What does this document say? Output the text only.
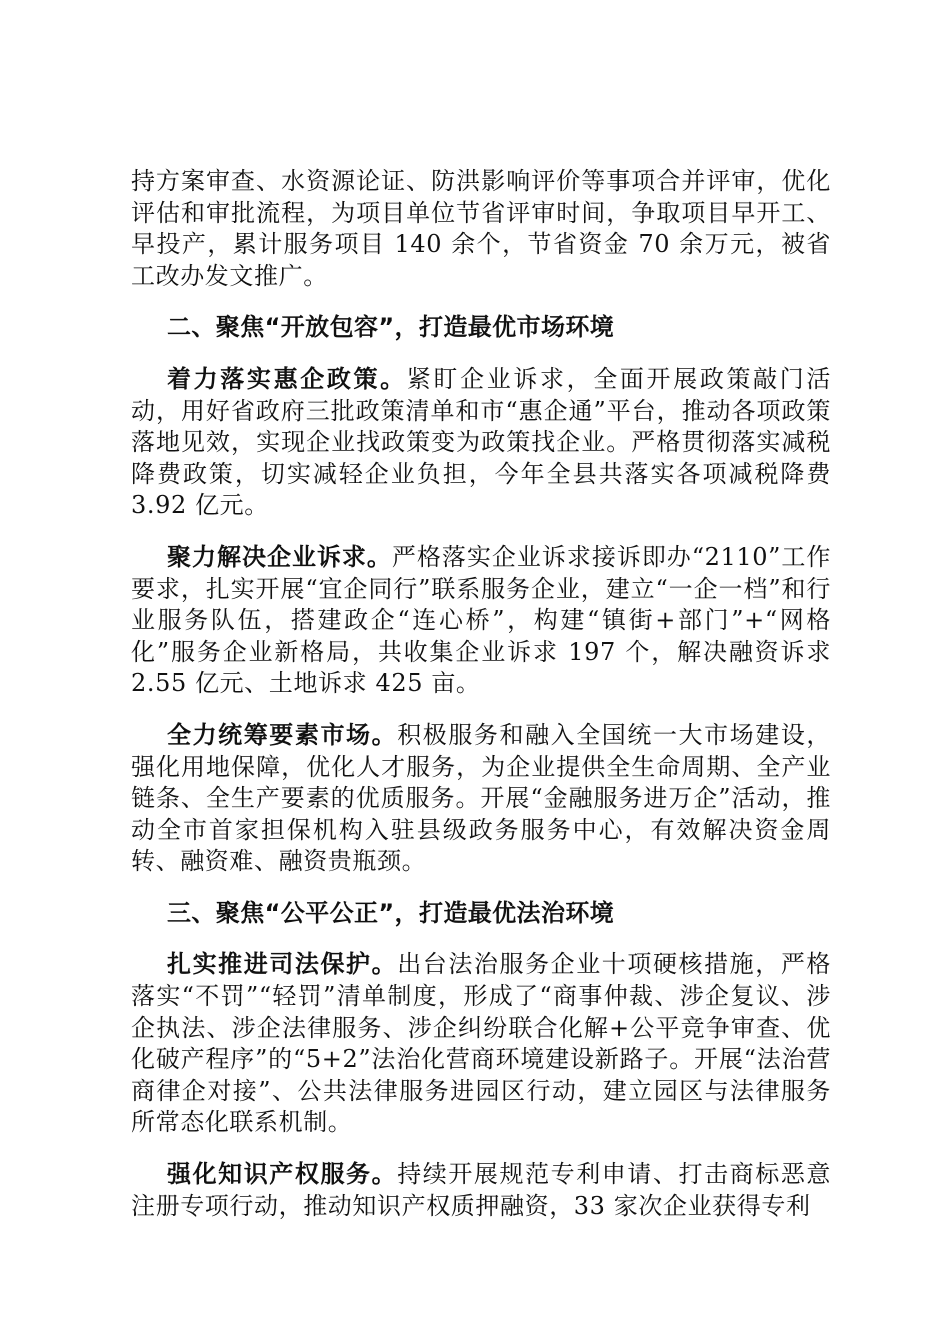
持方案审查、水资源论证、防洪影响评价等事项合并评审，优化评估和审批流程，为项目单位节省评审时间，争取项目早开工、早投产，累计服务项目 140 余个，节省资金 70 余万元，被省工改办发文推广。

二、聚焦“开放包容”，打造最优市场环境

着力落实惠企政策。紧盯企业诉求，全面开展政策敲门活动，用好省政府三批政策清单和市“惠企通”平台，推动各项政策落地见效，实现企业找政策变为政策找企业。严格贯彻落实减税降费政策，切实减轻企业负担，今年全县共落实各项减税降费 3.92 亿元。

聚力解决企业诉求。严格落实企业诉求接诉即办“2110”工作要求，扎实开展“宜企同行”联系服务企业，建立“一企一档”和行业服务队伍，搭建政企“连心桥”，构建“镇街+部门”+“网格化”服务企业新格局，共收集企业诉求 197 个，解决融资诉求 2.55 亿元、土地诉求 425 亩。

全力统筹要素市场。积极服务和融入全国统一大市场建设，强化用地保障，优化人才服务，为企业提供全生命周期、全产业链条、全生产要素的优质服务。开展“金融服务进万企”活动，推动全市首家担保机构入驻县级政务服务中心，有效解决资金周转、融资难、融资贵瓶颈。

三、聚焦“公平公正”，打造最优法治环境

扎实推进司法保护。出台法治服务企业十项硬核措施，严格落实“不罚”“轻罚”清单制度，形成了“商事仲裁、涉企复议、涉企执法、涉企法律服务、涉企纠纷联合化解+公平竞争审查、优化破产程序”的“5+2”法治化营商环境建设新路子。开展“法治营商律企对接”、公共法律服务进园区行动，建立园区与法律服务所常态化联系机制。

强化知识产权服务。持续开展规范专利申请、打击商标恶意注册专项行动，推动知识产权质押融资，33 家次企业获得专利
